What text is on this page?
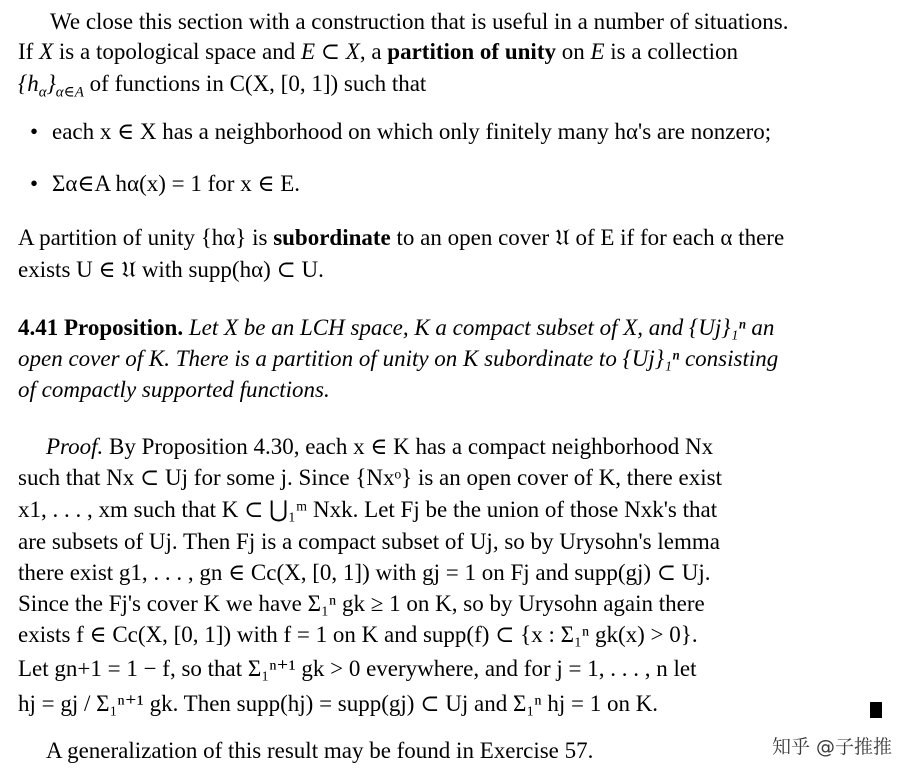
We close this section with a construction that is useful in a number of situations.
If X is a topological space and E ⊂ X, a partition of unity on E is a collection
$\{h_\alpha\}_{\alpha\in A}$ of functions in C(X, [0, 1]) such that
• each x ∈ X has a neighborhood on which only finitely many hα's are nonzero;
• Σα∈A hα(x) = 1 for x ∈ E.
A partition of unity {hα} is subordinate to an open cover 𝔘 of E if for each α there
exists U ∈ 𝔘 with supp(hα) ⊂ U.
4.41 Proposition. Let X be an LCH space, K a compact subset of X, and {Uj}₁ⁿ an
open cover of K. There is a partition of unity on K subordinate to {Uj}₁ⁿ consisting
of compactly supported functions.
Proof. By Proposition 4.30, each x ∈ K has a compact neighborhood Nx
such that Nx ⊂ Uj for some j. Since {Nxᵒ} is an open cover of K, there exist
x1, . . . , xm such that K ⊂ ⋃₁ᵐ Nxk. Let Fj be the union of those Nxk's that
are subsets of Uj. Then Fj is a compact subset of Uj, so by Urysohn's lemma
there exist g1, . . . , gn ∈ Cc(X, [0, 1]) with gj = 1 on Fj and supp(gj) ⊂ Uj.
Since the Fj's cover K we have Σ₁ⁿ gk ≥ 1 on K, so by Urysohn again there
exists f ∈ Cc(X, [0, 1]) with f = 1 on K and supp(f) ⊂ {x : Σ₁ⁿ gk(x) > 0}.
Let gn+1 = 1 − f, so that Σ₁ⁿ⁺¹ gk > 0 everywhere, and for j = 1, . . . , n let
hj = gj / Σ₁ⁿ⁺¹ gk. Then supp(hj) = supp(gj) ⊂ Uj and Σ₁ⁿ hj = 1 on K.
A generalization of this result may be found in Exercise 57.	知乎 @子推推
